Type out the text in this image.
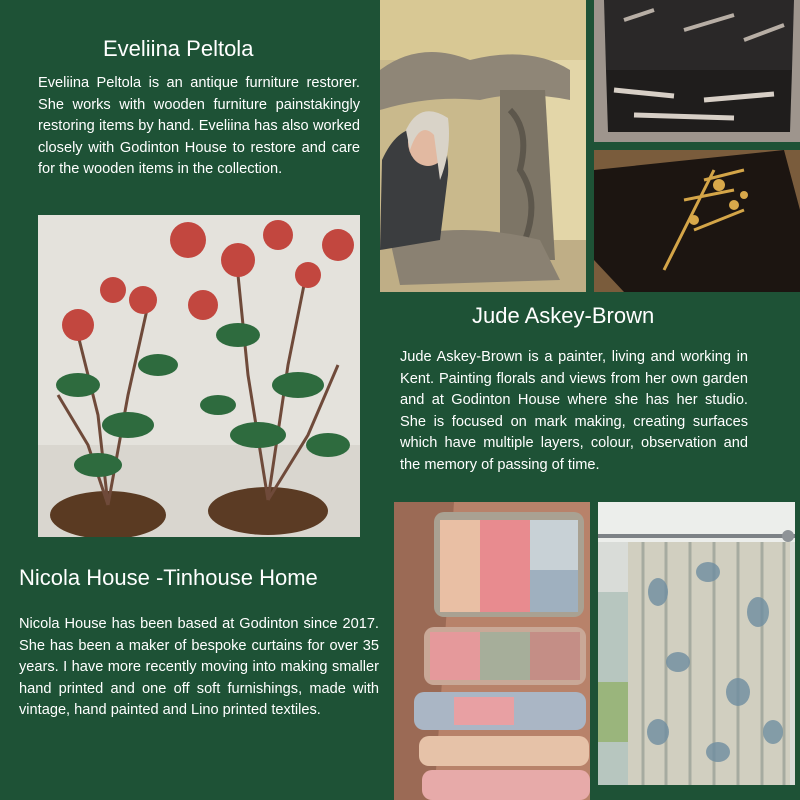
Eveliina Peltola

Eveliina Peltola is an antique furniture restorer. She works with wooden furniture painstakingly restoring items by hand. Eveliina has also worked closely with Godinton House to restore and care for the wooden items in the collection.

Jude Askey-Brown

Jude Askey-Brown is a painter, living and working in Kent. Painting florals and views from her own garden and at Godinton House where she has her studio. She is focused on mark making, creating surfaces which have multiple layers, colour, observation and the memory of passing of time.

Nicola House -Tinhouse Home

Nicola House has been based at Godinton since 2017. She has been a maker of bespoke curtains for over 35 years. I have more recently moving into making smaller hand printed and one off soft furnishings, made with vintage, hand painted and Lino printed textiles.
